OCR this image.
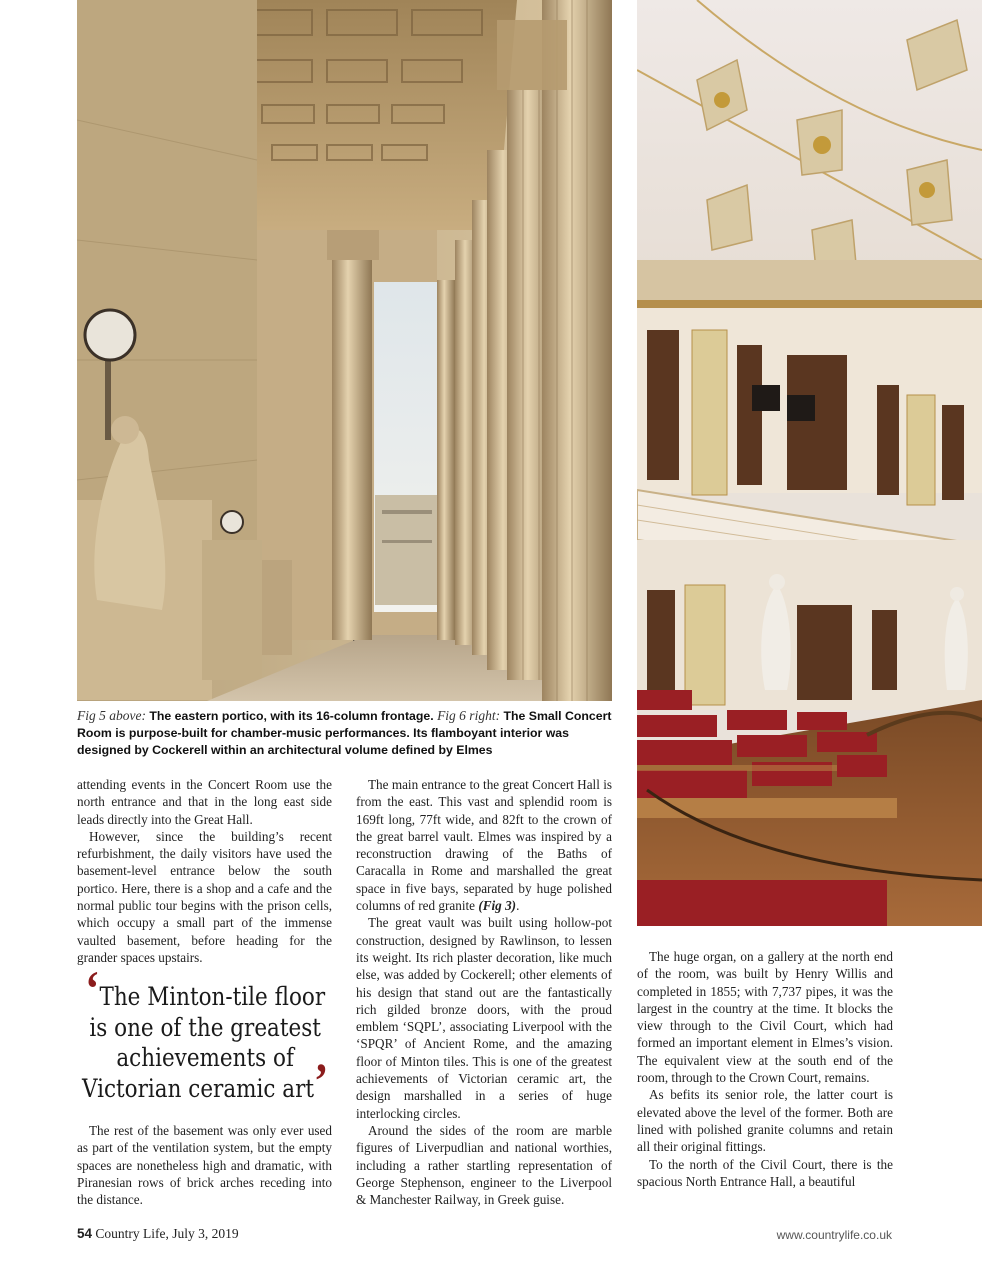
Fig 5 above: The eastern portico, with its 16-column frontage. Fig 6 right: The Small Concert Room is purpose-built for chamber-music performances. Its flamboyant interior was designed by Cockerell within an architectural volume defined by Elmes

attending events in the Concert Room use the north entrance and that in the long east side leads directly into the Great Hall.

However, since the building’s recent refurbishment, the daily visitors have used the basement-level entrance below the south portico. Here, there is a shop and a cafe and the normal public tour begins with the prison cells, which occupy a small part of the immense vaulted basement, before heading for the grander spaces upstairs.

‘The Minton-tile floor is one of the greatest achievements of Victorian ceramic art’

The rest of the basement was only ever used as part of the ventilation system, but the empty spaces are nonetheless high and dramatic, with Piranesian rows of brick arches receding into the distance.

The main entrance to the great Concert Hall is from the east. This vast and splendid room is 169ft long, 77ft wide, and 82ft to the crown of the great barrel vault. Elmes was inspired by a reconstruction drawing of the Baths of Caracalla in Rome and marshalled the great space in five bays, separated by huge polished columns of red granite (Fig 3).

The great vault was built using hollow-pot construction, designed by Rawlinson, to lessen its weight. Its rich plaster decoration, like much else, was added by Cockerell; other elements of his design that stand out are the fantastically rich gilded bronze doors, with the proud emblem ‘SQPL’, associating Liverpool with the ‘SPQR’ of Ancient Rome, and the amazing floor of Minton tiles. This is one of the greatest achievements of Victorian ceramic art, the design marshalled in a series of huge interlocking circles.

Around the sides of the room are marble figures of Liverpudlian and national worthies, including a rather startling representation of George Stephenson, engineer to the Liverpool & Manchester Railway, in Greek guise.

The huge organ, on a gallery at the north end of the room, was built by Henry Willis and completed in 1855; with 7,737 pipes, it was the largest in the country at the time. It blocks the view through to the Civil Court, which had formed an important element in Elmes’s vision. The equivalent view at the south end of the room, through to the Crown Court, remains.

As befits its senior role, the latter court is elevated above the level of the former. Both are lined with polished granite columns and retain all their original fittings.

To the north of the Civil Court, there is the spacious North Entrance Hall, a beautiful

54 Country Life, July 3, 2019	www.countrylife.co.uk
